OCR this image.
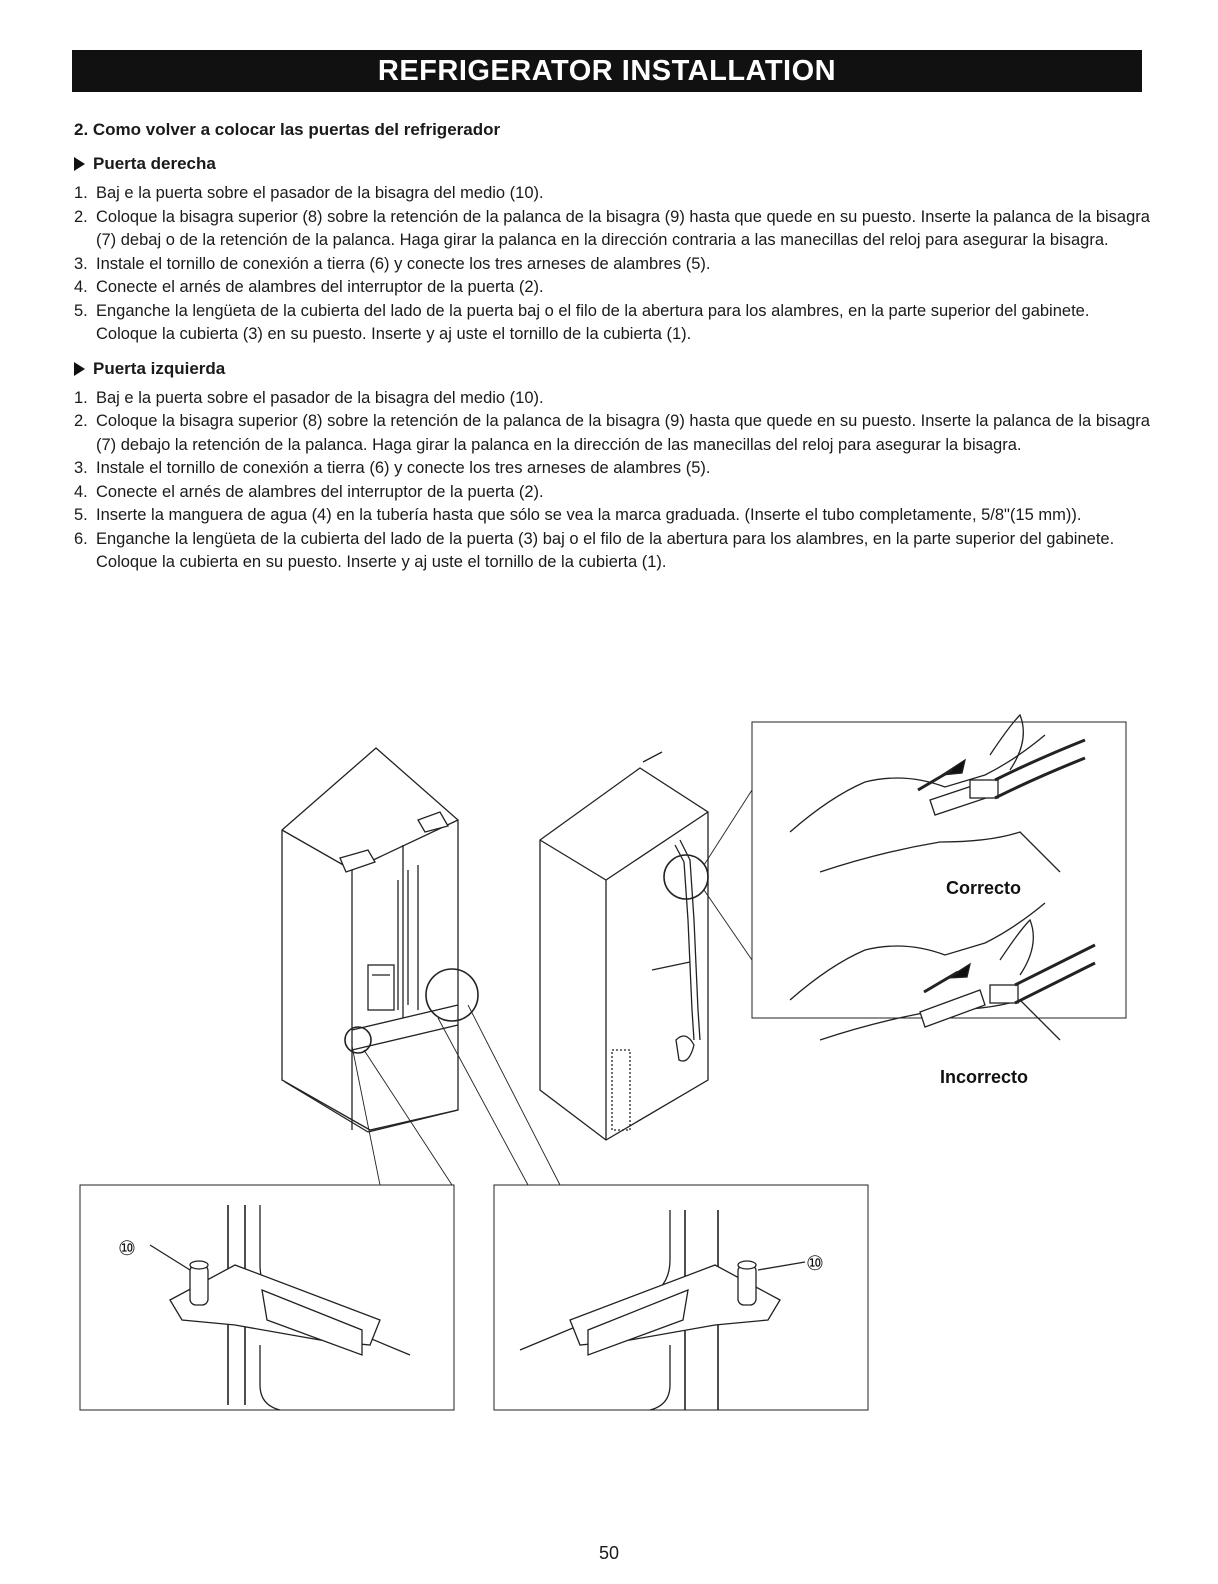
REFRIGERATOR INSTALLATION
2. Como volver a colocar las puertas del refrigerador
Puerta derecha
1. Baj e la puerta sobre el pasador de la bisagra del medio (10).
2. Coloque la bisagra superior (8) sobre la retención de la palanca de la bisagra (9) hasta que quede en su puesto. Inserte la palanca de la bisagra (7) debaj o de la retención de la palanca. Haga girar la palanca en la dirección contraria a las manecillas del reloj para asegurar la bisagra.
3. Instale el tornillo de conexión a tierra (6) y conecte los tres arneses de alambres (5).
4. Conecte el arnés de alambres del interruptor de la puerta (2).
5. Enganche la lengüeta de la cubierta del lado de la puerta baj o el filo de la abertura para los alambres, en la parte superior del gabinete. Coloque la cubierta (3) en su puesto. Inserte y aj uste el tornillo de la cubierta (1).
Puerta izquierda
1. Baj e la puerta sobre el pasador de la bisagra del medio (10).
2. Coloque la bisagra superior (8) sobre la retención de la palanca de la bisagra (9) hasta que quede en su puesto. Inserte la palanca de la bisagra (7) debajo la retención de la palanca. Haga girar la palanca en la dirección de las manecillas del reloj para asegurar la bisagra.
3. Instale el tornillo de conexión a tierra (6) y conecte los tres arneses de alambres (5).
4. Conecte el arnés de alambres del interruptor de la puerta (2).
5. Inserte la manguera de agua (4) en la tubería hasta que sólo se vea la marca graduada. (Inserte el tubo completamente, 5/8"(15 mm)).
6. Enganche la lengüeta de la cubierta del lado de la puerta (3) baj o el filo de la abertura para los alambres, en la parte superior del gabinete. Coloque la cubierta en su puesto. Inserte y aj uste el tornillo de la cubierta (1).
Correcto
Incorrecto
⑩
⑩
50
